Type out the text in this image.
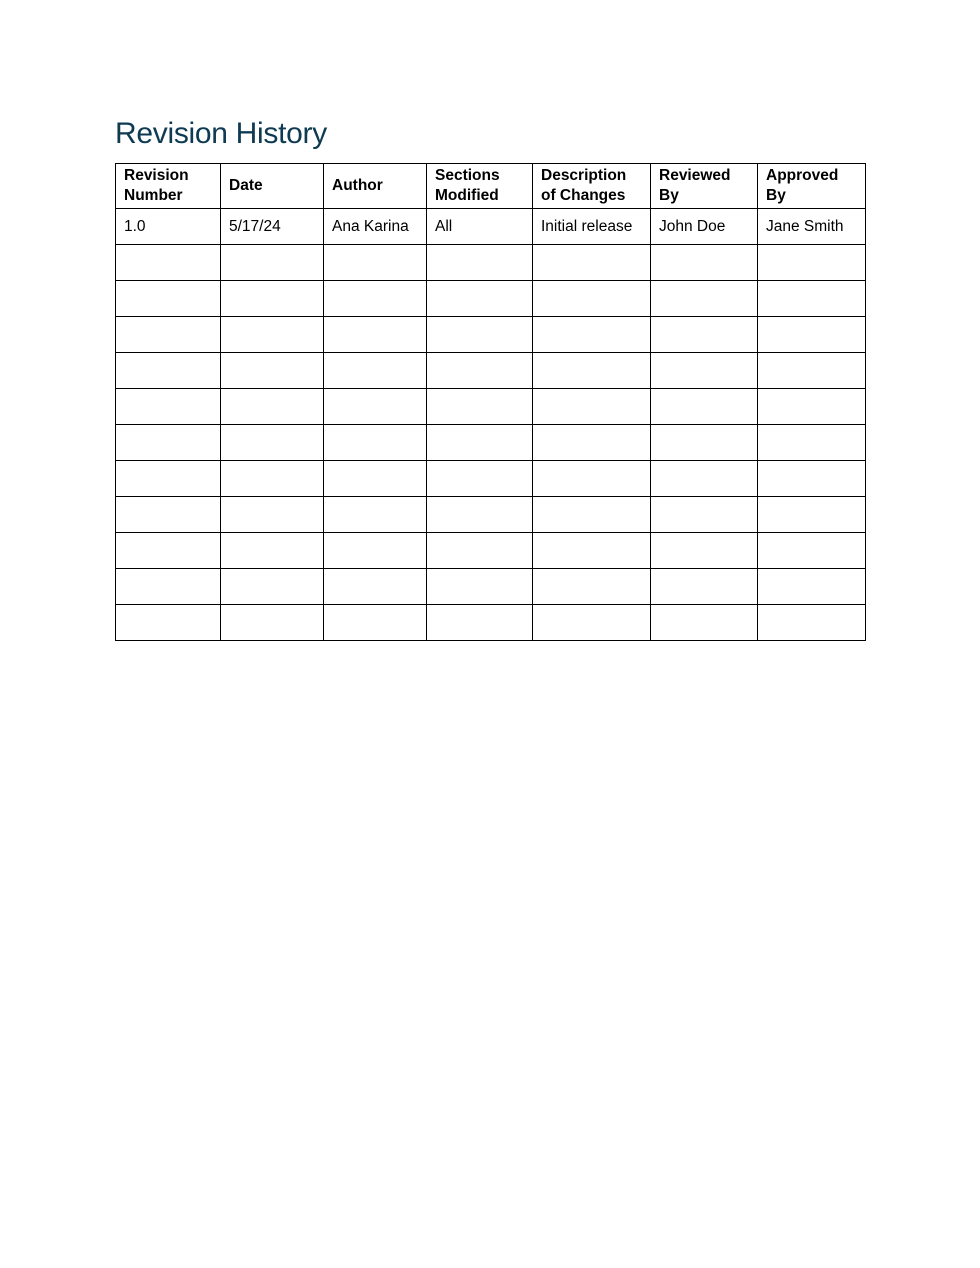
Revision History
Revision Number	Date	Author	Sections Modified	Description of Changes	Reviewed By	Approved By
1.0	5/17/24	Ana Karina	All	Initial release	John Doe	Jane Smith
